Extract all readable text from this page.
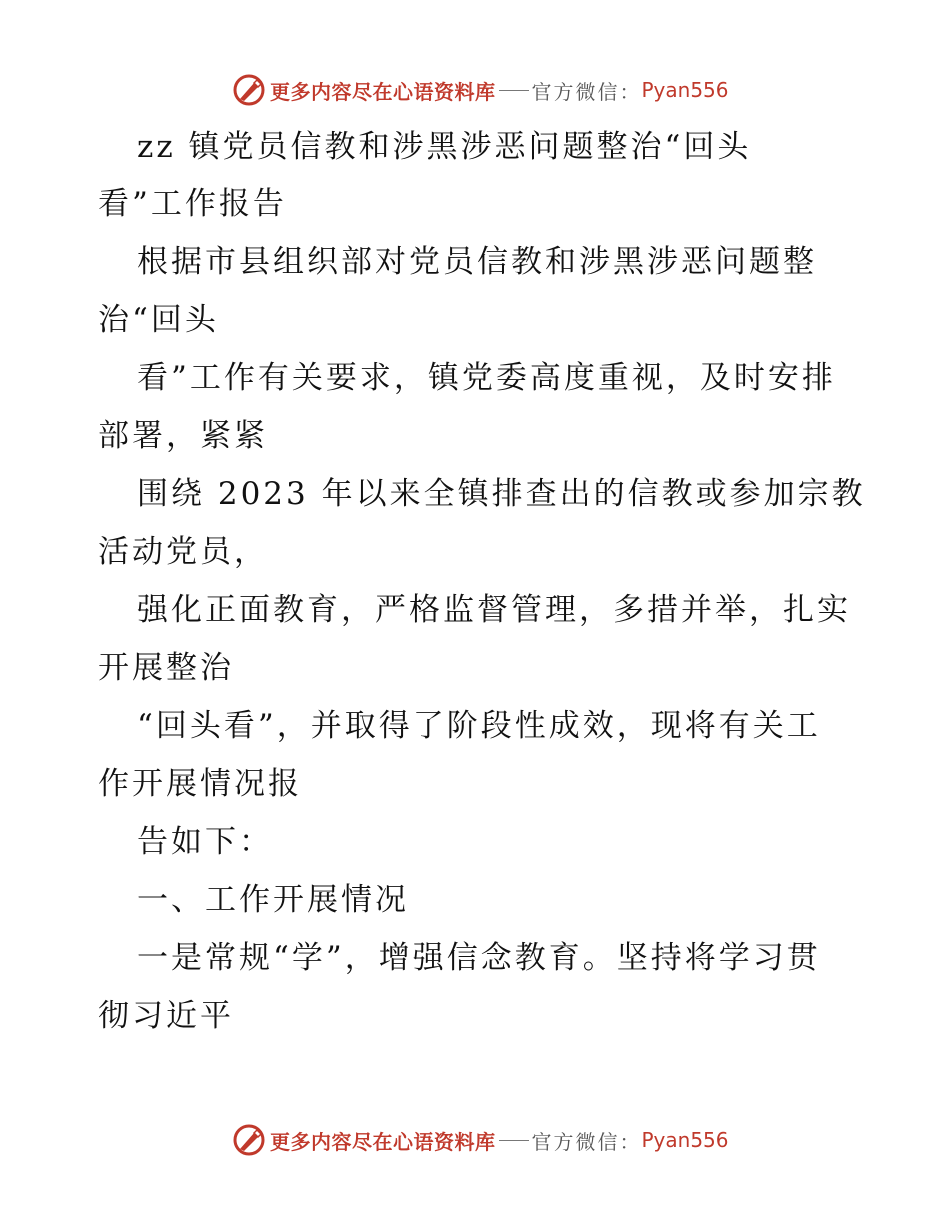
更多内容尽在心语资料库 官方微信： Pyan556
zz 镇党员信教和涉黑涉恶问题整治“回头
看”工作报告
根据市县组织部对党员信教和涉黑涉恶问题整
治“回头
看”工作有关要求，镇党委高度重视，及时安排
部署，紧紧
围绕 2023 年以来全镇排查出的信教或参加宗教
活动党员，
强化正面教育，严格监督管理，多措并举，扎实
开展整治
“回头看”，并取得了阶段性成效，现将有关工
作开展情况报
告如下：
一、工作开展情况
一是常规“学”，增强信念教育。坚持将学习贯
彻习近平
更多内容尽在心语资料库 官方微信： Pyan556
